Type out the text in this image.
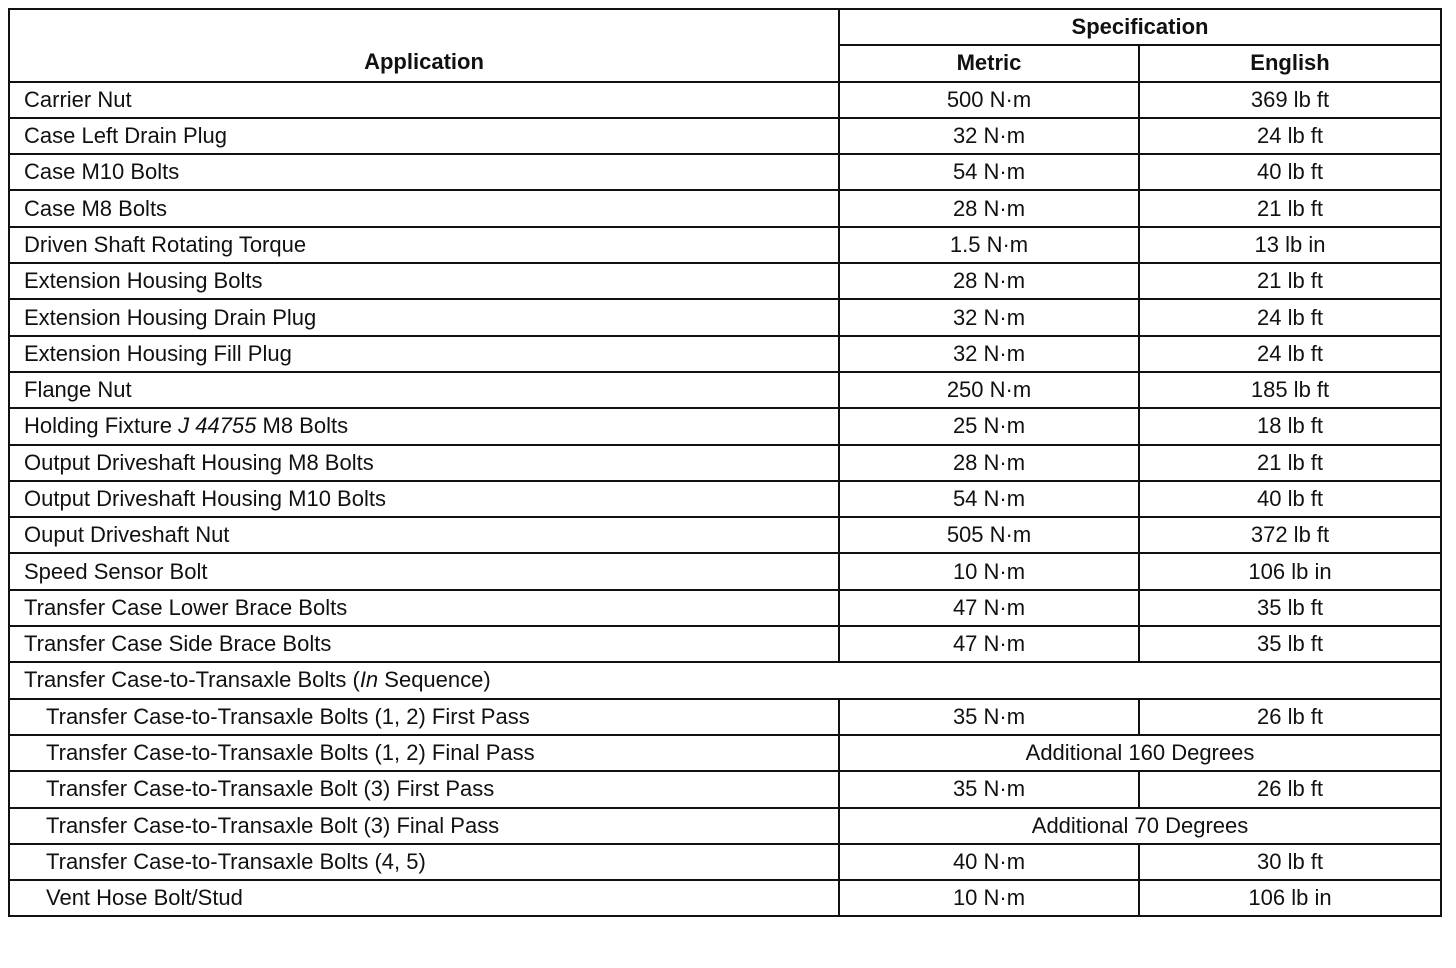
Application	Specification	
	Metric	English
Carrier Nut	500 N·m	369 lb ft
Case Left Drain Plug	32 N·m	24 lb ft
Case M10 Bolts	54 N·m	40 lb ft
Case M8 Bolts	28 N·m	21 lb ft
Driven Shaft Rotating Torque	1.5 N·m	13 lb in
Extension Housing Bolts	28 N·m	21 lb ft
Extension Housing Drain Plug	32 N·m	24 lb ft
Extension Housing Fill Plug	32 N·m	24 lb ft
Flange Nut	250 N·m	185 lb ft
Holding Fixture J 44755 M8 Bolts	25 N·m	18 lb ft
Output Driveshaft Housing M8 Bolts	28 N·m	21 lb ft
Output Driveshaft Housing M10 Bolts	54 N·m	40 lb ft
Ouput Driveshaft Nut	505 N·m	372 lb ft
Speed Sensor Bolt	10 N·m	106 lb in
Transfer Case Lower Brace Bolts	47 N·m	35 lb ft
Transfer Case Side Brace Bolts	47 N·m	35 lb ft
Transfer Case-to-Transaxle Bolts (In Sequence)		
Transfer Case-to-Transaxle Bolts (1, 2) First Pass	35 N·m	26 lb ft
Transfer Case-to-Transaxle Bolts (1, 2) Final Pass	Additional 160 Degrees	
Transfer Case-to-Transaxle Bolt (3) First Pass	35 N·m	26 lb ft
Transfer Case-to-Transaxle Bolt (3) Final Pass	Additional 70 Degrees	
Transfer Case-to-Transaxle Bolts (4, 5)	40 N·m	30 lb ft
Vent Hose Bolt/Stud	10 N·m	106 lb in
